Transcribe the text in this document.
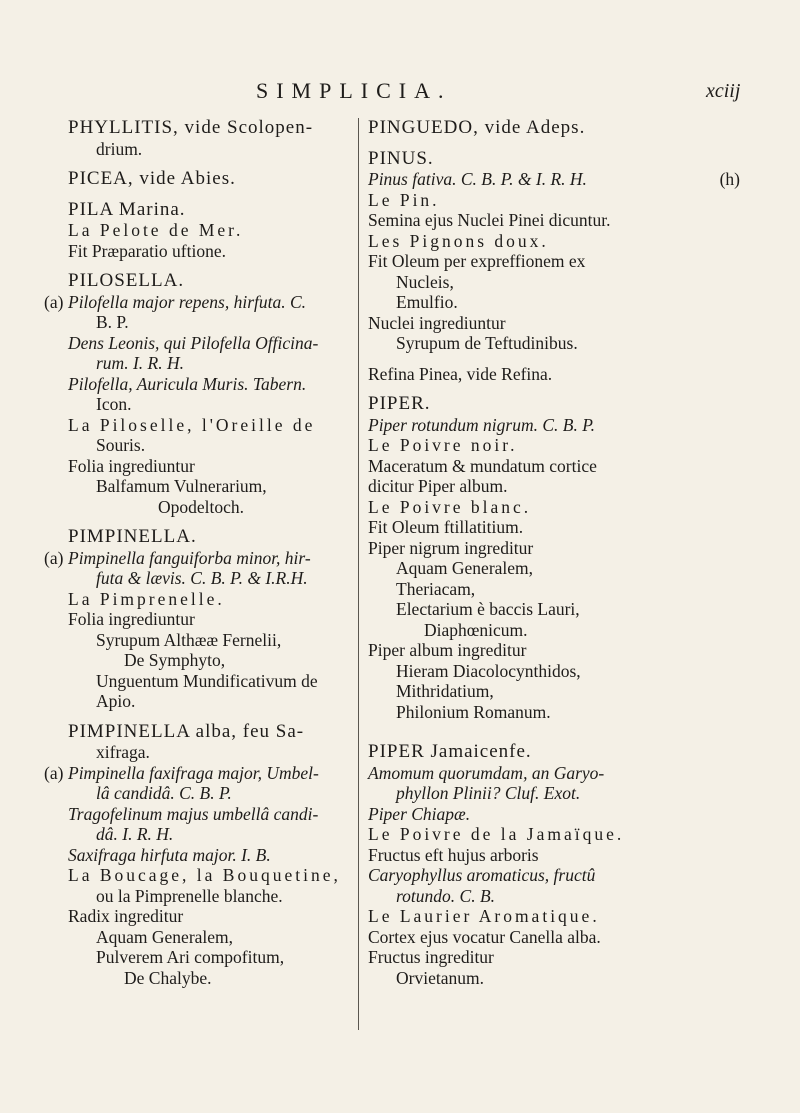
SIMPLICIA.	xciij
PHYLLITIS, vide Scolopen-
drium.
PICEA, vide Abies.
PILA Marina.
La Pelote de Mer.
Fit Præparatio uftione.
PILOSELLA.
Pilofella major repens, hirfuta. C.
(a)
B. P.
Dens Leonis, qui Pilofella Officina-
rum. I. R. H.
Pilofella, Auricula Muris. Tabern.
Icon.
La Piloselle, l'Oreille de
Souris.
Folia ingrediuntur
Balfamum Vulnerarium,
Opodeltoch.
PIMPINELLA.
Pimpinella fanguiforba minor, hir-
(a)
futa & lævis. C. B. P. & I.R.H.
La Pimprenelle.
Folia ingrediuntur
Syrupum Althææ Fernelii,
De Symphyto,
Unguentum Mundificativum de
Apio.
PIMPINELLA alba, feu Sa-
xifraga.
Pimpinella faxifraga major, Umbel-
(a)
lâ candidâ. C. B. P.
Tragofelinum majus umbellâ candi-
dâ. I. R. H.
Saxifraga hirfuta major. I. B.
La Boucage, la Bouquetine,
ou la Pimprenelle blanche.
Radix ingreditur
Aquam Generalem,
Pulverem Ari compofitum,
De Chalybe.
PINGUEDO, vide Adeps.
PINUS.
Pinus fativa. C. B. P. & I. R. H.	(h)
Le Pin.
Semina ejus Nuclei Pinei dicuntur.
Les Pignons doux.
Fit Oleum per expreffionem ex
Nucleis,
Emulfio.
Nuclei ingrediuntur
Syrupum de Teftudinibus.
Refina Pinea, vide Refina.
PIPER.
Piper rotundum nigrum. C. B. P.
Le Poivre noir.
Maceratum & mundatum cortice
dicitur Piper album.
Le Poivre blanc.
Fit Oleum ftillatitium.
Piper nigrum ingreditur
Aquam Generalem,
Theriacam,
Electarium è baccis Lauri,
Diaphœnicum.
Piper album ingreditur
Hieram Diacolocynthidos,
Mithridatium,
Philonium Romanum.
PIPER Jamaicenfe.
Amomum quorumdam, an Garyo-
phyllon Plinii? Cluf. Exot.
Piper Chiapæ.
Le Poivre de la Jamaïque.
Fructus eft hujus arboris
Caryophyllus aromaticus, fructû
rotundo. C. B.
Le Laurier Aromatique.
Cortex ejus vocatur Canella alba.
Fructus ingreditur
Orvietanum.
